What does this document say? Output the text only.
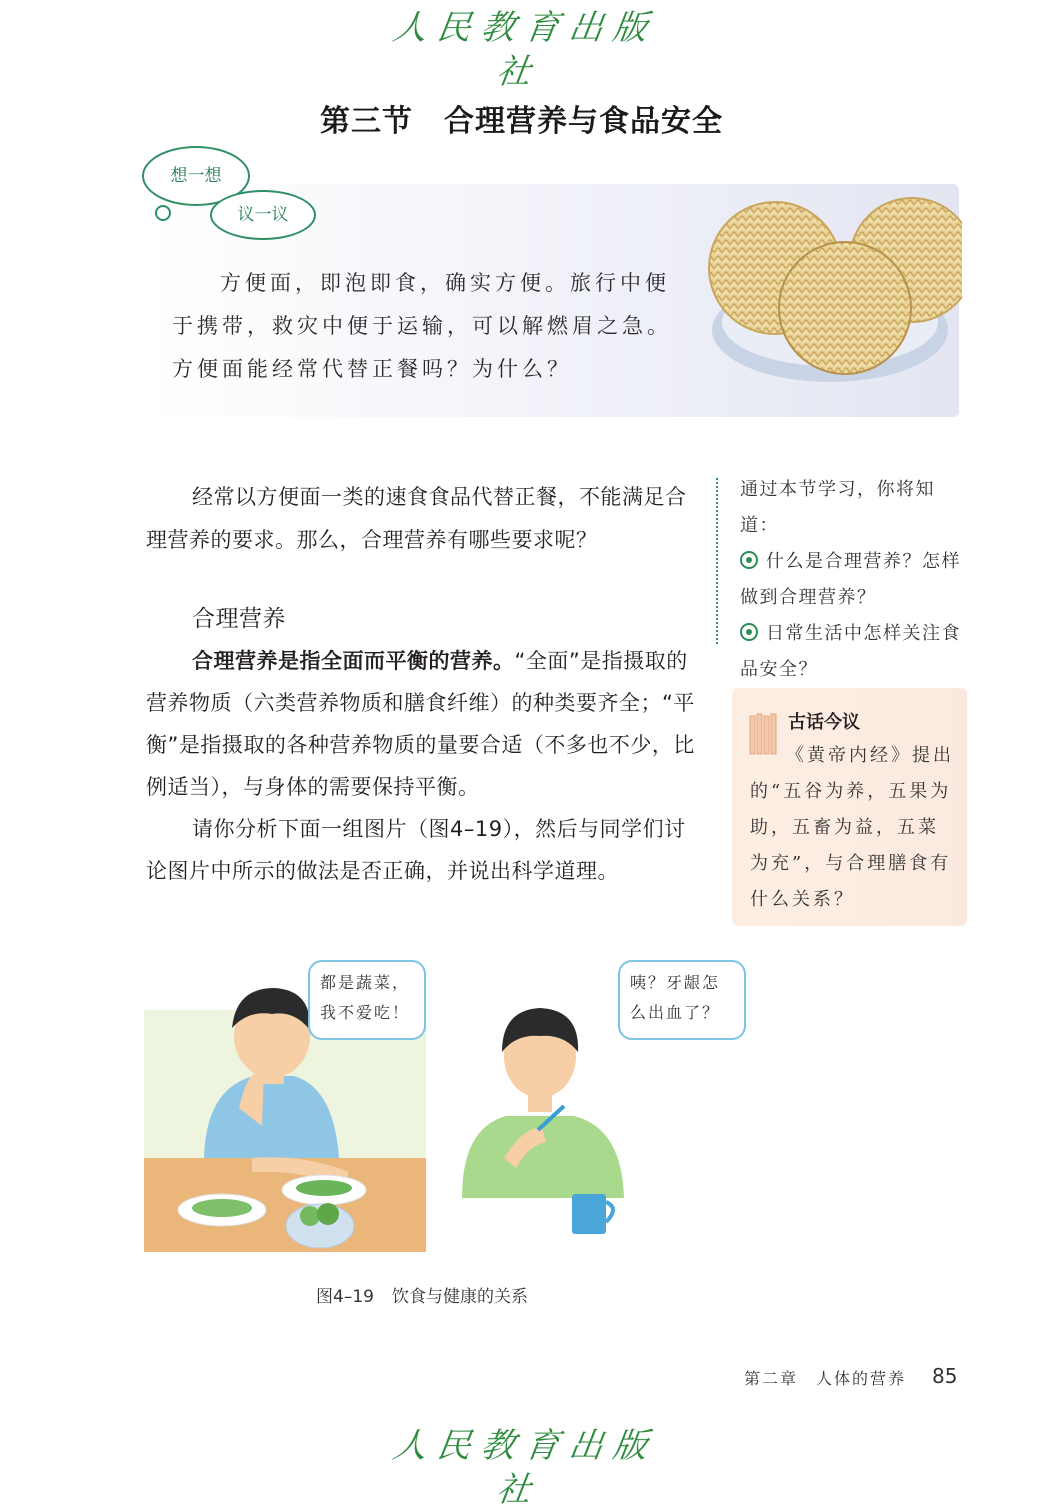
人民教育出版社
第三节　合理营养与食品安全
想一想
议一议
方便面，即泡即食，确实方便。旅行中便于携带，救灾中便于运输，可以解燃眉之急。方便面能经常代替正餐吗？为什么？
经常以方便面一类的速食食品代替正餐，不能满足合理营养的要求。那么，合理营养有哪些要求呢？
合理营养
合理营养是指全面而平衡的营养。“全面”是指摄取的营养物质（六类营养物质和膳食纤维）的种类要齐全；“平衡”是指摄取的各种营养物质的量要合适（不多也不少，比例适当），与身体的需要保持平衡。
请你分析下面一组图片（图4–19），然后与同学们讨论图片中所示的做法是否正确，并说出科学道理。
通过本节学习，你将知道：
什么是合理营养？怎样做到合理营养？
日常生活中怎样关注食品安全？
古话今议
《黄帝内经》提出的“五谷为养，五果为助，五畜为益，五菜为充”，与合理膳食有什么关系？
都是蔬菜，我不爱吃！
咦？牙龈怎么出血了？
图4–19 饮食与健康的关系
第二章　人体的营养 85
人民教育出版社
